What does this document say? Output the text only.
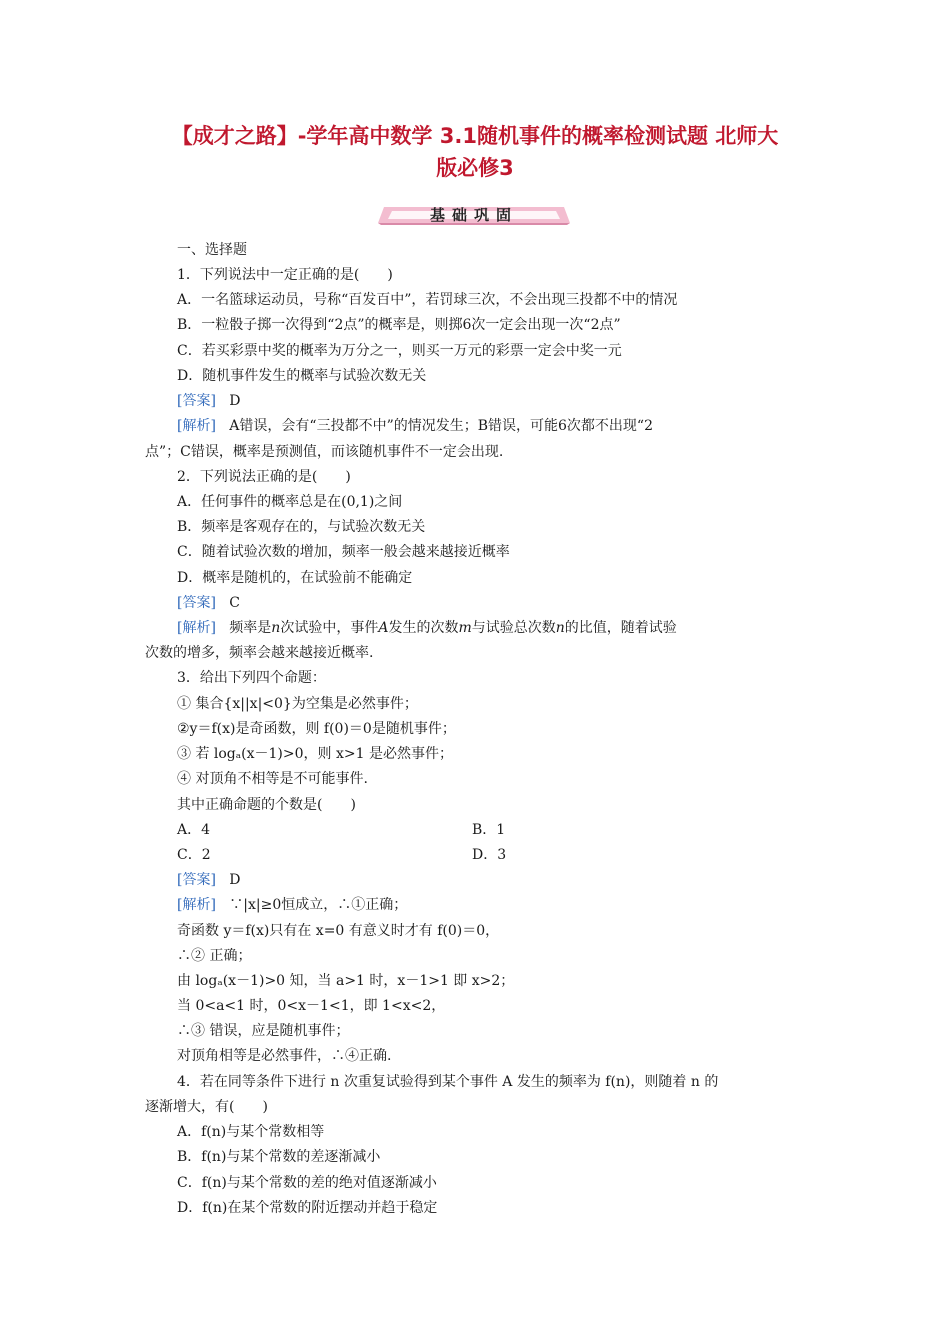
【成才之路】-学年高中数学 3.1随机事件的概率检测试题 北师大
版必修3
基础巩固
一、选择题
1．下列说法中一定正确的是(　　)
A．一名篮球运动员，号称“百发百中”，若罚球三次，不会出现三投都不中的情况
B．一粒骰子掷一次得到“2点”的概率是，则掷6次一定会出现一次“2点”
C．若买彩票中奖的概率为万分之一，则买一万元的彩票一定会中奖一元
D．随机事件发生的概率与试验次数无关
[答案] D
[解析] A错误，会有“三投都不中”的情况发生；B错误，可能6次都不出现“2
点”；C错误，概率是预测值，而该随机事件不一定会出现.
2．下列说法正确的是(　　)
A．任何事件的概率总是在(0,1)之间
B．频率是客观存在的，与试验次数无关
C．随着试验次数的增加，频率一般会越来越接近概率
D．概率是随机的，在试验前不能确定
[答案] C
[解析] 频率是n次试验中，事件A发生的次数m与试验总次数n的比值，随着试验
次数的增多，频率会越来越接近概率.
3．给出下列四个命题：
① 集合{x||x|<0}为空集是必然事件；
②y＝f(x)是奇函数，则 f(0)＝0是随机事件；
③ 若 logₐ(x－1)>0，则 x>1 是必然事件；
④ 对顶角不相等是不可能事件.
其中正确命题的个数是(　　)
A．4	B．1
C．2	D．3
[答案] D
[解析] ∵|x|≥0恒成立，∴①正确；
奇函数 y＝f(x)只有在 x=0 有意义时才有 f(0)＝0，
∴② 正确；
由 logₐ(x－1)>0 知，当 a>1 时，x－1>1 即 x>2；
当 0<a<1 时，0<x－1<1，即 1<x<2，
∴③ 错误，应是随机事件；
对顶角相等是必然事件，∴④正确.
4．若在同等条件下进行 n 次重复试验得到某个事件 A 发生的频率为 f(n)，则随着 n 的
逐渐增大，有(　　)
A．f(n)与某个常数相等
B．f(n)与某个常数的差逐渐减小
C．f(n)与某个常数的差的绝对值逐渐减小
D．f(n)在某个常数的附近摆动并趋于稳定
